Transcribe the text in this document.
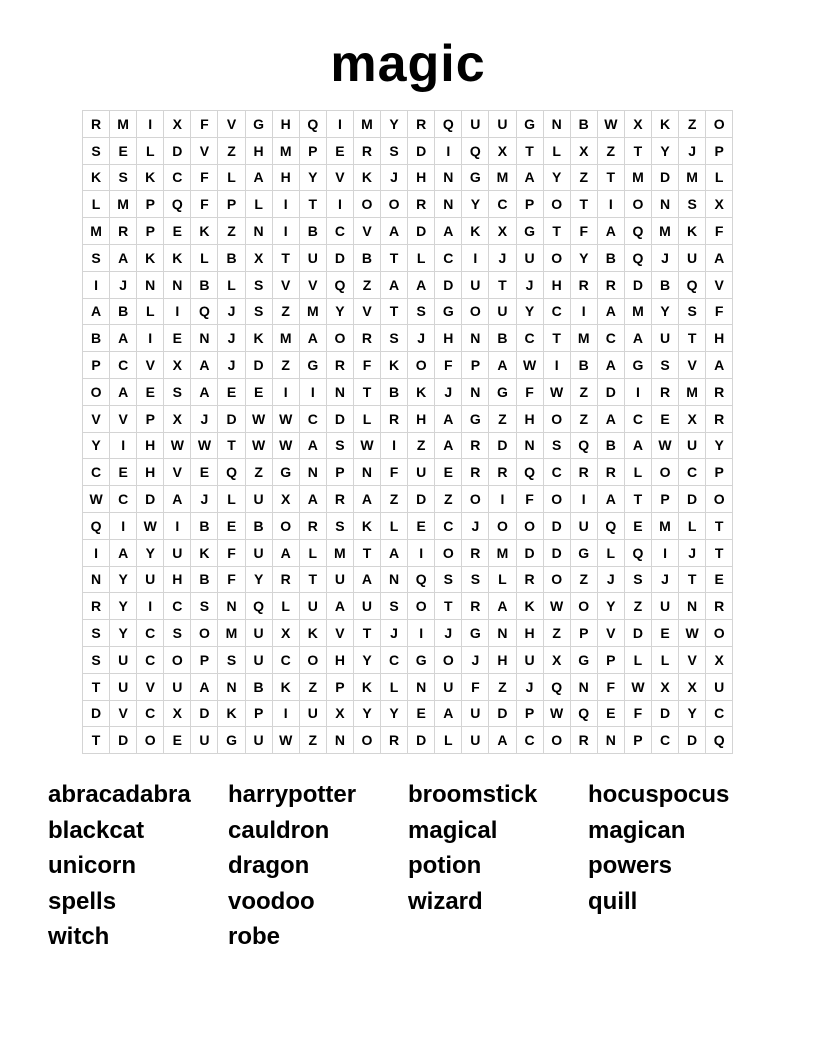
magic
R	M	I	X	F	V	G	H	Q	I	M	Y	R	Q	U	U	G	N	B	W	X	K	Z	O
S	E	L	D	V	Z	H	M	P	E	R	S	D	I	Q	X	T	L	X	Z	T	Y	J	P
K	S	K	C	F	L	A	H	Y	V	K	J	H	N	G	M	A	Y	Z	T	M	D	M	L
L	M	P	Q	F	P	L	I	T	I	O	O	R	N	Y	C	P	O	T	I	O	N	S	X
M	R	P	E	K	Z	N	I	B	C	V	A	D	A	K	X	G	T	F	A	Q	M	K	F
S	A	K	K	L	B	X	T	U	D	B	T	L	C	I	J	U	O	Y	B	Q	J	U	A
I	J	N	N	B	L	S	V	V	Q	Z	A	A	D	U	T	J	H	R	R	D	B	Q	V
A	B	L	I	Q	J	S	Z	M	Y	V	T	S	G	O	U	Y	C	I	A	M	Y	S	F
B	A	I	E	N	J	K	M	A	O	R	S	J	H	N	B	C	T	M	C	A	U	T	H
P	C	V	X	A	J	D	Z	G	R	F	K	O	F	P	A	W	I	B	A	G	S	V	A
O	A	E	S	A	E	E	I	I	N	T	B	K	J	N	G	F	W	Z	D	I	R	M	R
V	V	P	X	J	D	W	W	C	D	L	R	H	A	G	Z	H	O	Z	A	C	E	X	R
Y	I	H	W	W	T	W	W	A	S	W	I	Z	A	R	D	N	S	Q	B	A	W	U	Y
C	E	H	V	E	Q	Z	G	N	P	N	F	U	E	R	R	Q	C	R	R	L	O	C	P
W	C	D	A	J	L	U	X	A	R	A	Z	D	Z	O	I	F	O	I	A	T	P	D	O
Q	I	W	I	B	E	B	O	R	S	K	L	E	C	J	O	O	D	U	Q	E	M	L	T
I	A	Y	U	K	F	U	A	L	M	T	A	I	O	R	M	D	D	G	L	Q	I	J	T
N	Y	U	H	B	F	Y	R	T	U	A	N	Q	S	S	L	R	O	Z	J	S	J	T	E
R	Y	I	C	S	N	Q	L	U	A	U	S	O	T	R	A	K	W	O	Y	Z	U	N	R
S	Y	C	S	O	M	U	X	K	V	T	J	I	J	G	N	H	Z	P	V	D	E	W	O
S	U	C	O	P	S	U	C	O	H	Y	C	G	O	J	H	U	X	G	P	L	L	V	X
T	U	V	U	A	N	B	K	Z	P	K	L	N	U	F	Z	J	Q	N	F	W	X	X	U
D	V	C	X	D	K	P	I	U	X	Y	Y	E	A	U	D	P	W	Q	E	F	D	Y	C
T	D	O	E	U	G	U	W	Z	N	O	R	D	L	U	A	C	O	R	N	P	C	D	Q
abracadabra	harrypotter	broomstick	hocuspocus
blackcat	cauldron	magical	magican
unicorn	dragon	potion	powers
spells	voodoo	wizard	quill
witch	robe
